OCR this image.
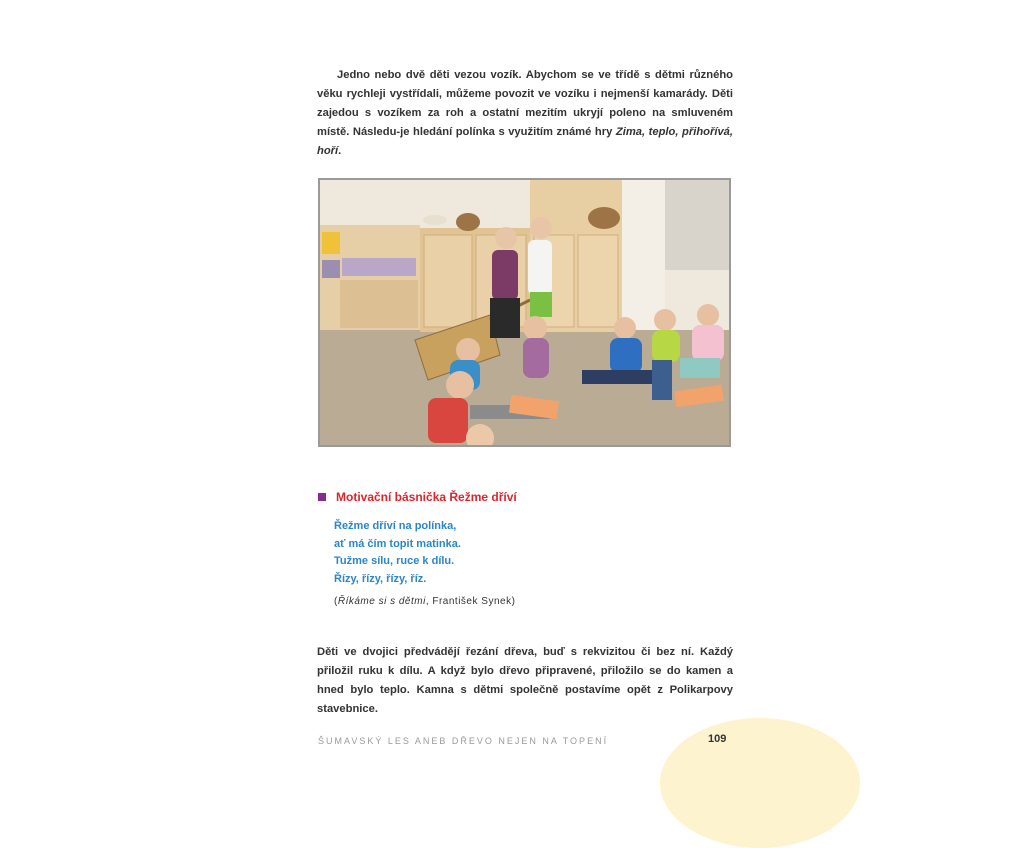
Jedno nebo dvě děti vezou vozík. Abychom se ve třídě s dětmi různého věku rychleji vystřídali, můžeme povozit ve vozíku i nejmenší kamarády. Děti zajedou s vozíkem za roh a ostatní mezitím ukryjí poleno na smluveném místě. Následu-je hledání polínka s využitím známé hry Zima, teplo, přihořívá, hoří.

Motivační básnička Řežme dříví
Řežme dříví na polínka,
ať má čím topit matinka.
Tužme sílu, ruce k dílu.
Řízy, řízy, řízy, říz.
(Říkáme si s dětmi, František Synek)

Děti ve dvojici předvádějí řezání dřeva, buď s rekvizitou či bez ní. Každý přiložil ruku k dílu. A když bylo dřevo připravené, přiložilo se do kamen a hned bylo teplo. Kamna s dětmi společně postavíme opět z Polikarpovy stavebnice.

ŠUMAVSKÝ LES ANEB DŘEVO NEJEN NA TOPENÍ	109
